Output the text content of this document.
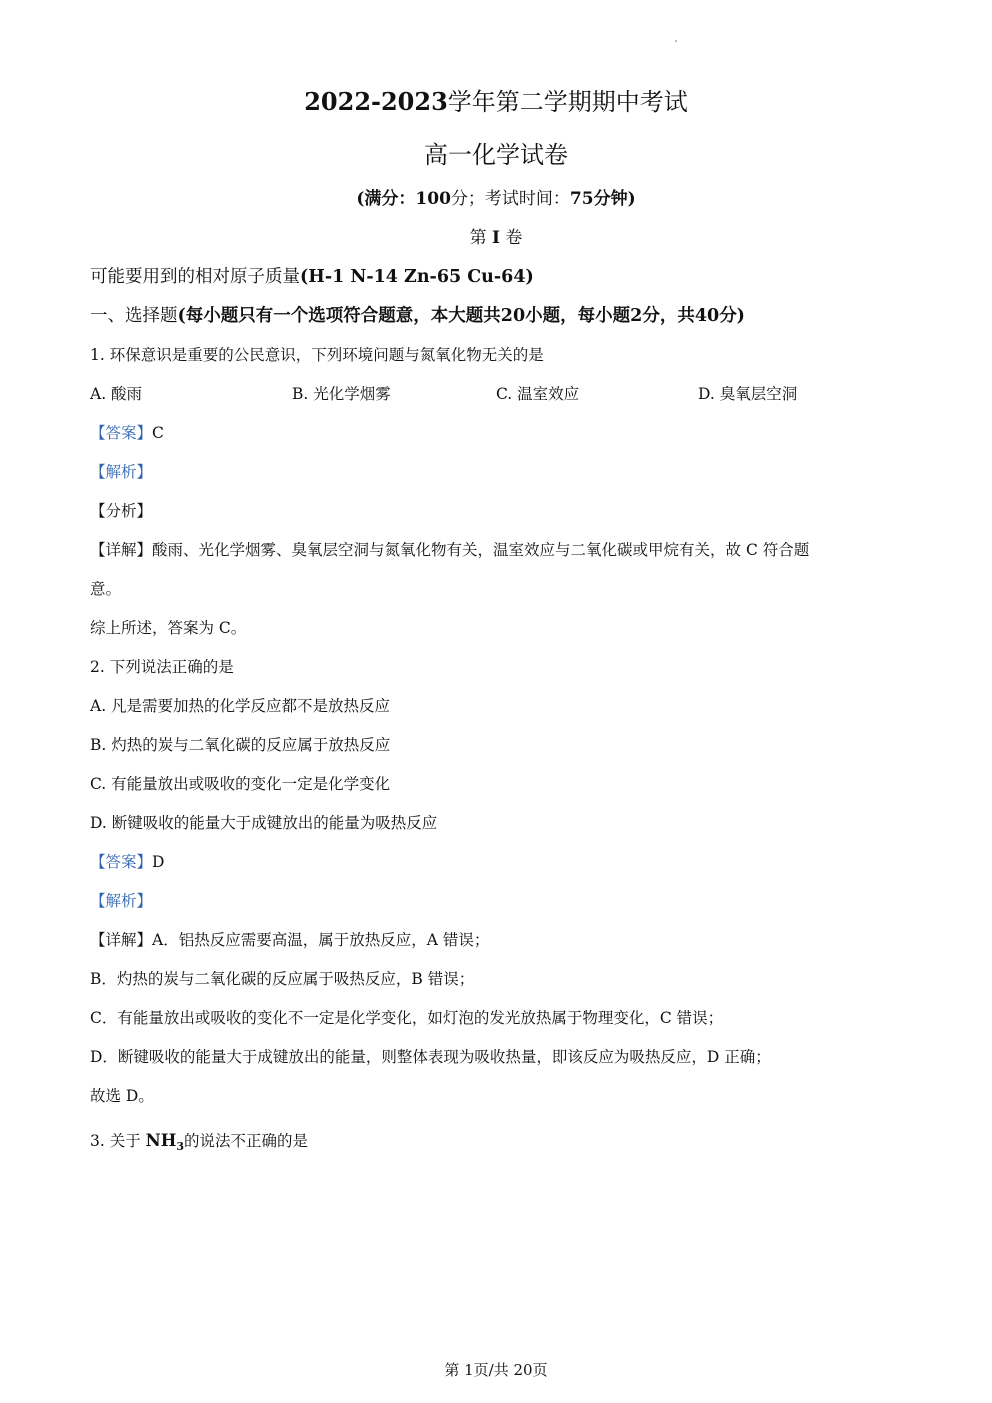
2022-2023学年第二学期期中考试
高一化学试卷
(满分：100分；考试时间：75分钟)
第 I 卷
可能要用到的相对原子质量(H-1 N-14 Zn-65 Cu-64)
一、选择题(每小题只有一个选项符合题意，本大题共20小题，每小题2分，共40分)
1. 环保意识是重要的公民意识，下列环境问题与氮氧化物无关的是
A. 酸雨	B. 光化学烟雾	C. 温室效应	D. 臭氧层空洞
【答案】C
【解析】
【分析】
【详解】酸雨、光化学烟雾、臭氧层空洞与氮氧化物有关，温室效应与二氧化碳或甲烷有关，故 C 符合题
意。
综上所述，答案为 C。
2. 下列说法正确的是
A. 凡是需要加热的化学反应都不是放热反应
B. 灼热的炭与二氧化碳的反应属于放热反应
C. 有能量放出或吸收的变化一定是化学变化
D. 断键吸收的能量大于成键放出的能量为吸热反应
【答案】D
【解析】
【详解】A．铝热反应需要高温，属于放热反应，A 错误；
B．灼热的炭与二氧化碳的反应属于吸热反应，B 错误；
C．有能量放出或吸收的变化不一定是化学变化，如灯泡的发光放热属于物理变化，C 错误；
D．断键吸收的能量大于成键放出的能量，则整体表现为吸收热量，即该反应为吸热反应，D 正确；
故选 D。
3. 关于 $NH_3$的说法不正确的是
第 1页/共 20页
